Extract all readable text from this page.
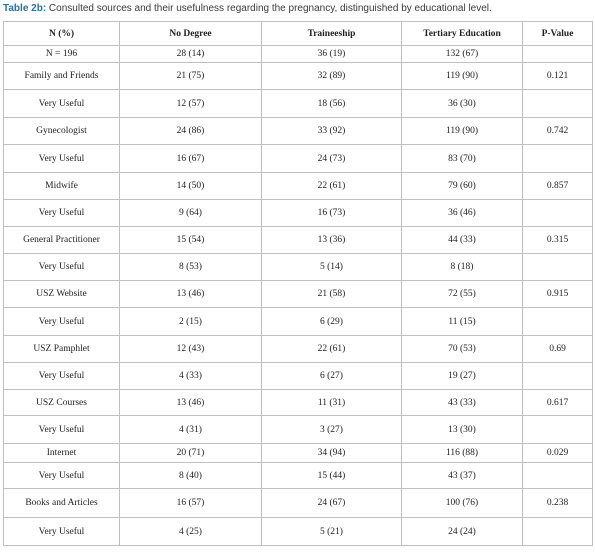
Table 2b: Consulted sources and their usefulness regarding the pregnancy, distinguished by educational level.
N (%)	No Degree	Traineeship	Tertiary Education	P-Value
N = 196	28 (14)	36 (19)	132 (67)	
Family and Friends	21 (75)	32 (89)	119 (90)	0.121
Very Useful	12 (57)	18 (56)	36 (30)	
Gynecologist	24 (86)	33 (92)	119 (90)	0.742
Very Useful	16 (67)	24 (73)	83 (70)	
Midwife	14 (50)	22 (61)	79 (60)	0.857
Very Useful	9 (64)	16 (73)	36 (46)	
General Practitioner	15 (54)	13 (36)	44 (33)	0.315
Very Useful	8 (53)	5 (14)	8 (18)	
USZ Website	13 (46)	21 (58)	72 (55)	0.915
Very Useful	2 (15)	6 (29)	11 (15)	
USZ Pamphlet	12 (43)	22 (61)	70 (53)	0.69
Very Useful	4 (33)	6 (27)	19 (27)	
USZ Courses	13 (46)	11 (31)	43 (33)	0.617
Very Useful	4 (31)	3 (27)	13 (30)	
Internet	20 (71)	34 (94)	116 (88)	0.029
Very Useful	8 (40)	15 (44)	43 (37)	
Books and Articles	16 (57)	24 (67)	100 (76)	0.238
Very Useful	4 (25)	5 (21)	24 (24)	
